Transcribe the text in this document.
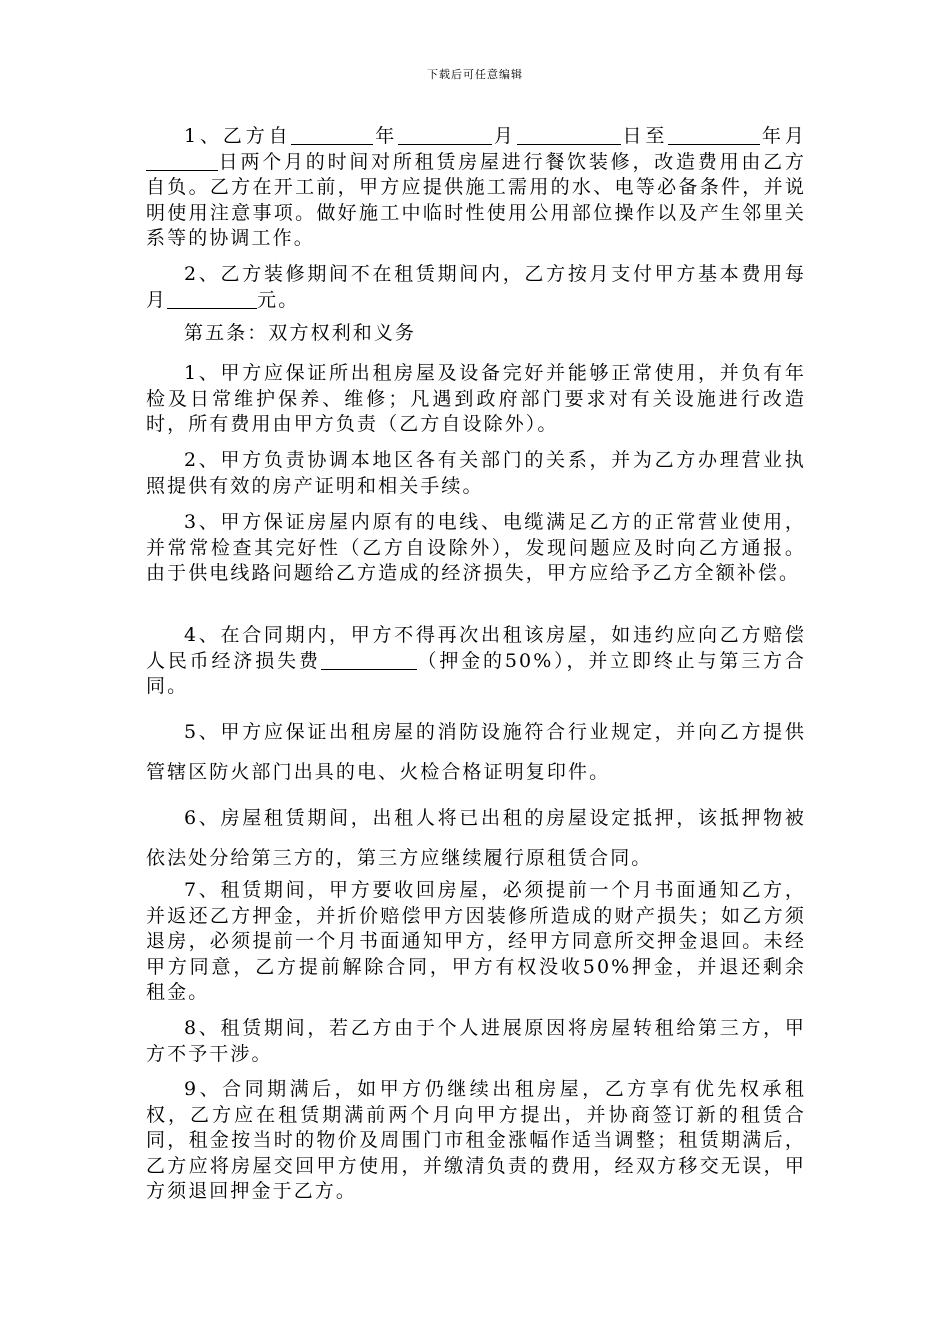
下载后可任意编辑
1、乙方自	年	月	日至	年月日两个月的时间对所租赁房屋进行餐饮装修，改造费用由乙方自负。乙方在开工前，甲方应提供施工需用的水、电等必备条件，并说明使用注意事项。做好施工中临时性使用公用部位操作以及产生邻里关系等的协调工作。
2、乙方装修期间不在租赁期间内，乙方按月支付甲方基本费用每月	元。
第五条：双方权利和义务
1、甲方应保证所出租房屋及设备完好并能够正常使用，并负有年检及日常维护保养、维修；凡遇到政府部门要求对有关设施进行改造时，所有费用由甲方负责（乙方自设除外）。
2、甲方负责协调本地区各有关部门的关系，并为乙方办理营业执照提供有效的房产证明和相关手续。
3、甲方保证房屋内原有的电线、电缆满足乙方的正常营业使用，并常常检查其完好性（乙方自设除外），发现问题应及时向乙方通报。由于供电线路问题给乙方造成的经济损失，甲方应给予乙方全额补偿。
4、在合同期内，甲方不得再次出租该房屋，如违约应向乙方赔偿人民币经济损失费	（押金的50%），并立即终止与第三方合同。
5、甲方应保证出租房屋的消防设施符合行业规定，并向乙方提供管辖区防火部门出具的电、火检合格证明复印件。
6、房屋租赁期间，出租人将已出租的房屋设定抵押，该抵押物被依法处分给第三方的，第三方应继续履行原租赁合同。
7、租赁期间，甲方要收回房屋，必须提前一个月书面通知乙方，并返还乙方押金，并折价赔偿甲方因装修所造成的财产损失；如乙方须退房，必须提前一个月书面通知甲方，经甲方同意所交押金退回。未经甲方同意，乙方提前解除合同，甲方有权没收50%押金，并退还剩余租金。
8、租赁期间，若乙方由于个人进展原因将房屋转租给第三方，甲方不予干涉。
9、合同期满后，如甲方仍继续出租房屋，乙方享有优先权承租权，乙方应在租赁期满前两个月向甲方提出，并协商签订新的租赁合同，租金按当时的物价及周围门市租金涨幅作适当调整；租赁期满后，乙方应将房屋交回甲方使用，并缴清负责的费用，经双方移交无误，甲方须退回押金于乙方。
